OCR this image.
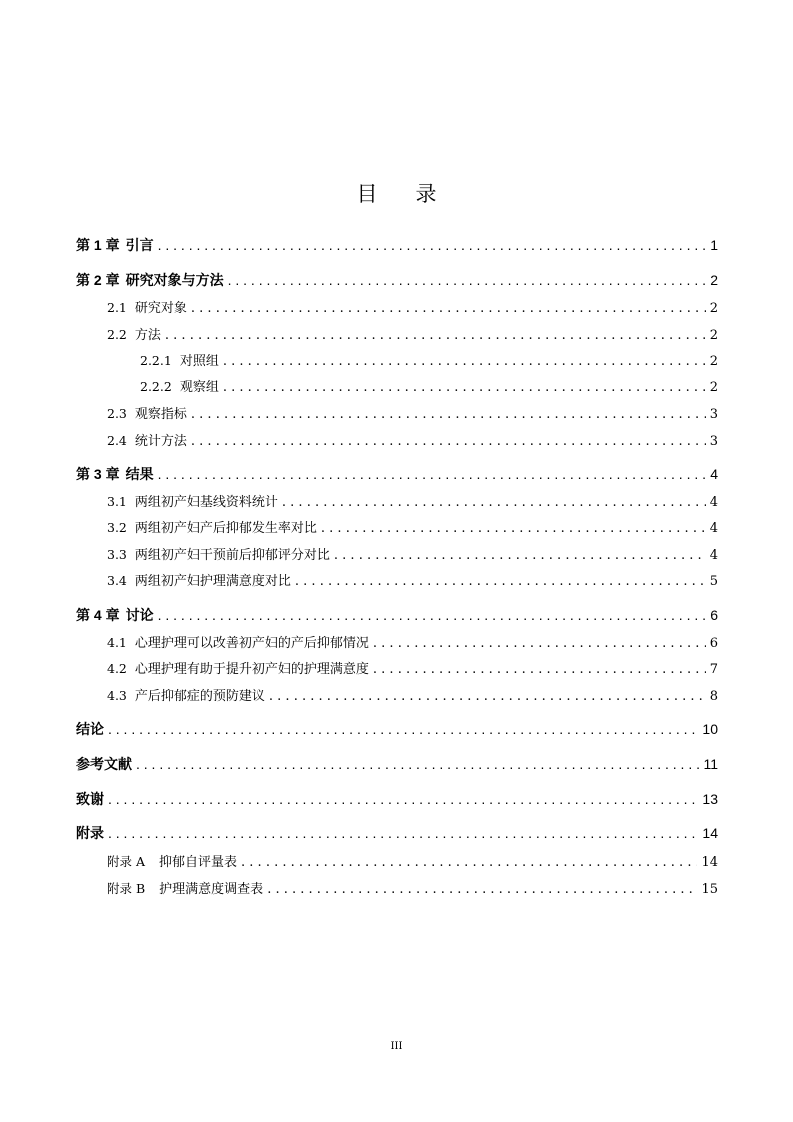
目 录
第 1 章 引言 . . .	1
第 2 章 研究对象与方法 . . .	2
2.1 研究对象 . . .	2
2.2 方法 . . .	2
2.2.1 对照组 . . .	2
2.2.2 观察组 . . .	2
2.3 观察指标 . . .	3
2.4 统计方法 . . .	3
第 3 章 结果 . . .	4
3.1 两组初产妇基线资料统计 . . .	4
3.2 两组初产妇产后抑郁发生率对比 . . .	4
3.3 两组初产妇干预前后抑郁评分对比 . . .	4
3.4 两组初产妇护理满意度对比 . . .	5
第 4 章 讨论 . . .	6
4.1 心理护理可以改善初产妇的产后抑郁情况 . . .	6
4.2 心理护理有助于提升初产妇的护理满意度 . . .	7
4.3 产后抑郁症的预防建议 . . .	8
结论 . . .	10
参考文献 . . .	11
致谢 . . .	13
附录 . . .	14
附录 A 抑郁自评量表 . . .	14
附录 B 护理满意度调查表 . . .	15
III
